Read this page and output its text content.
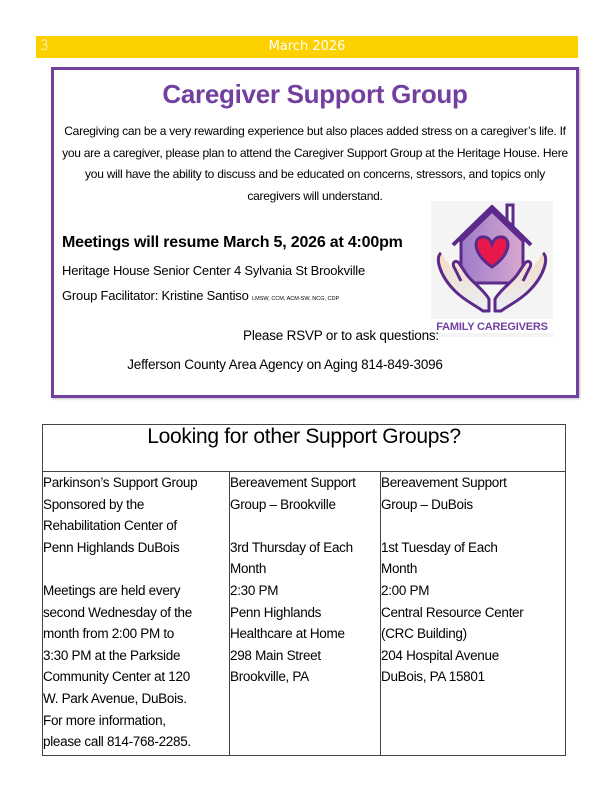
3	March 2026
Caregiver Support Group
Caregiving can be a very rewarding experience but also places added stress on a caregiver’s life. If you are a caregiver, please plan to attend the Caregiver Support Group at the Heritage House. Here you will have the ability to discuss and be educated on concerns, stressors, and topics only caregivers will understand.
Meetings will resume March 5, 2026 at 4:00pm
Heritage House Senior Center 4 Sylvania St Brookville
Group Facilitator: Kristine Santiso LMSW, CCM, ACM-SW, NCG, CDP
FAMILY CAREGIVERS
Please RSVP or to ask questions:
Jefferson County Area Agency on Aging 814-849-3096
Looking for other Support Groups?

Parkinson’s Support Group
Sponsored by the
Rehabilitation Center of
Penn Highlands DuBois
Meetings are held every
second Wednesday of the
month from 2:00 PM to
3:30 PM at the Parkside
Community Center at 120
W. Park Avenue, DuBois.
For more information,
please call 814-768-2285.

Bereavement Support
Group – Brookville
3rd Thursday of Each
Month
2:30 PM
Penn Highlands
Healthcare at Home
298 Main Street
Brookville, PA

Bereavement Support
Group – DuBois
1st Tuesday of Each
Month
2:00 PM
Central Resource Center
(CRC Building)
204 Hospital Avenue
DuBois, PA 15801
